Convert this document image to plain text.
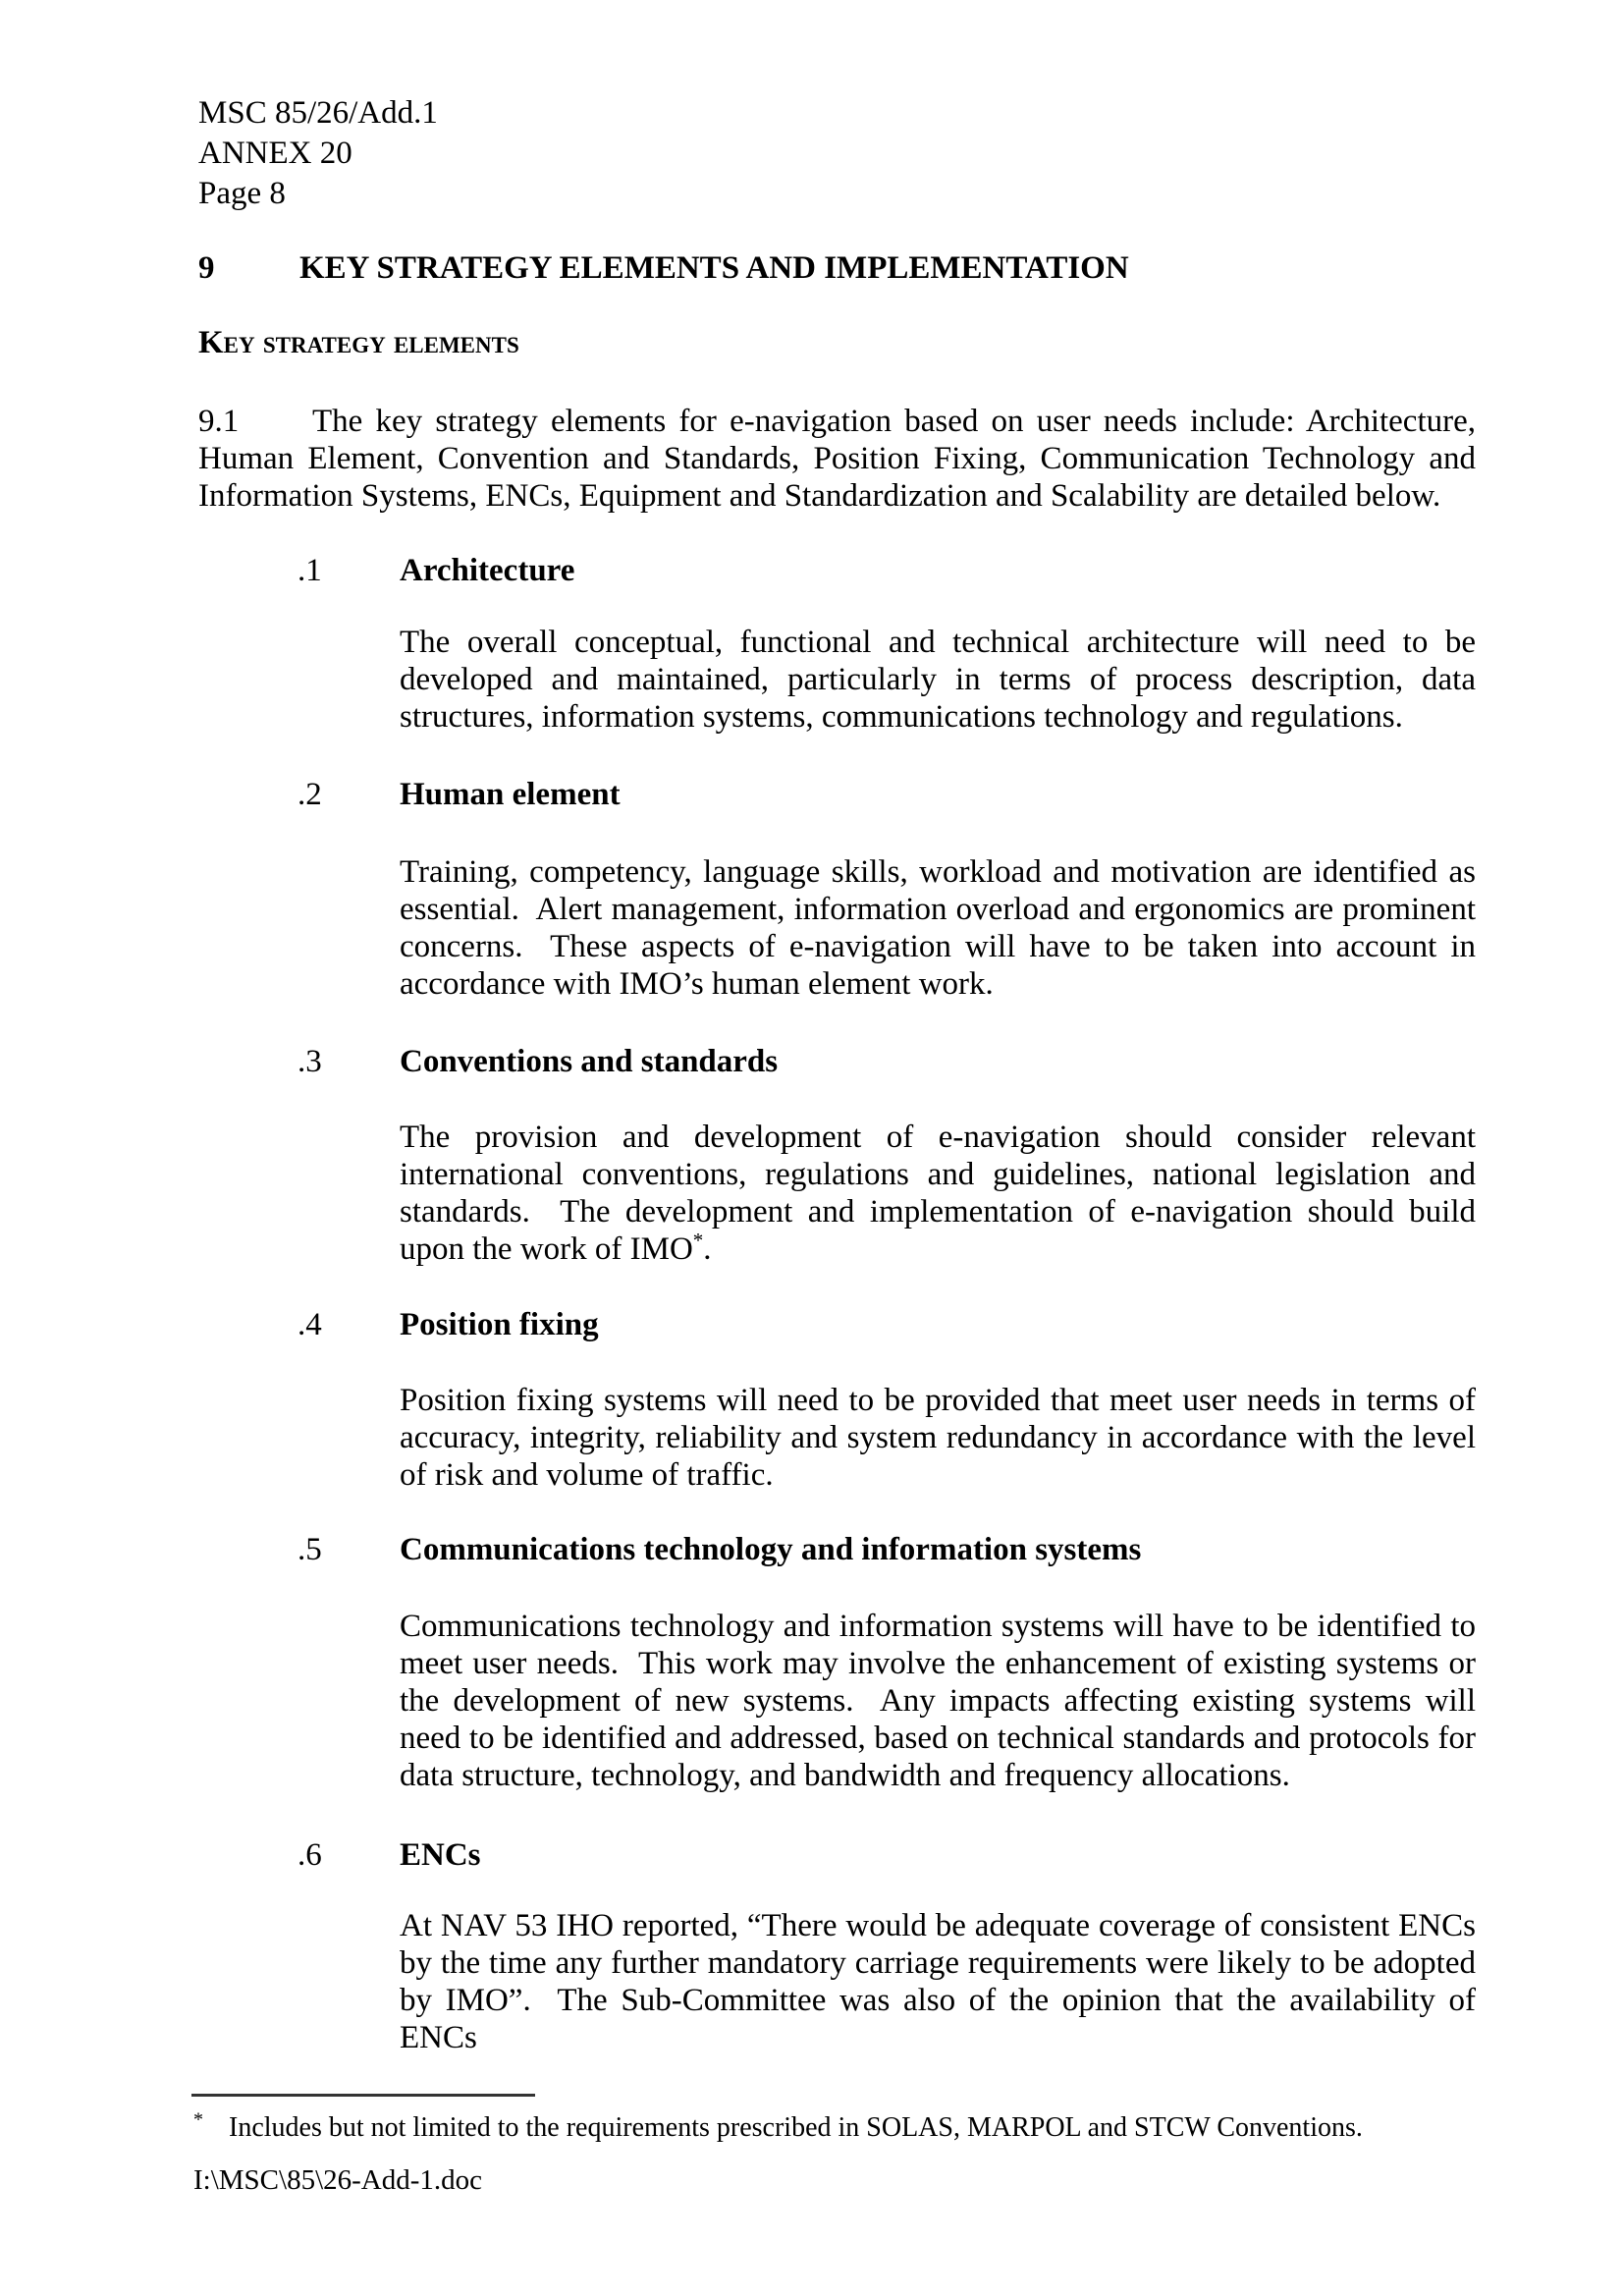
MSC 85/26/Add.1
ANNEX 20
Page 8
9	KEY STRATEGY ELEMENTS AND IMPLEMENTATION
Key strategy elements
9.1 The key strategy elements for e-navigation based on user needs include: Architecture, Human Element, Convention and Standards, Position Fixing, Communication Technology and Information Systems, ENCs, Equipment and Standardization and Scalability are detailed below.
.1 Architecture
The overall conceptual, functional and technical architecture will need to be developed and maintained, particularly in terms of process description, data structures, information systems, communications technology and regulations.
.2 Human element
Training, competency, language skills, workload and motivation are identified as essential.  Alert management, information overload and ergonomics are prominent concerns.  These aspects of e-navigation will have to be taken into account in accordance with IMO’s human element work.
.3 Conventions and standards
The provision and development of e-navigation should consider relevant international conventions, regulations and guidelines, national legislation and standards.  The development and implementation of e-navigation should build upon the work of IMO*.
.4 Position fixing
Position fixing systems will need to be provided that meet user needs in terms of accuracy, integrity, reliability and system redundancy in accordance with the level of risk and volume of traffic.
.5 Communications technology and information systems
Communications technology and information systems will have to be identified to meet user needs.  This work may involve the enhancement of existing systems or the development of new systems.  Any impacts affecting existing systems will need to be identified and addressed, based on technical standards and protocols for data structure, technology, and bandwidth and frequency allocations.
.6 ENCs
At NAV 53 IHO reported, “There would be adequate coverage of consistent ENCs by the time any further mandatory carriage requirements were likely to be adopted by IMO”.  The Sub-Committee was also of the opinion that the availability of ENCs
* Includes but not limited to the requirements prescribed in SOLAS, MARPOL and STCW Conventions.
I:\MSC\85\26-Add-1.doc
